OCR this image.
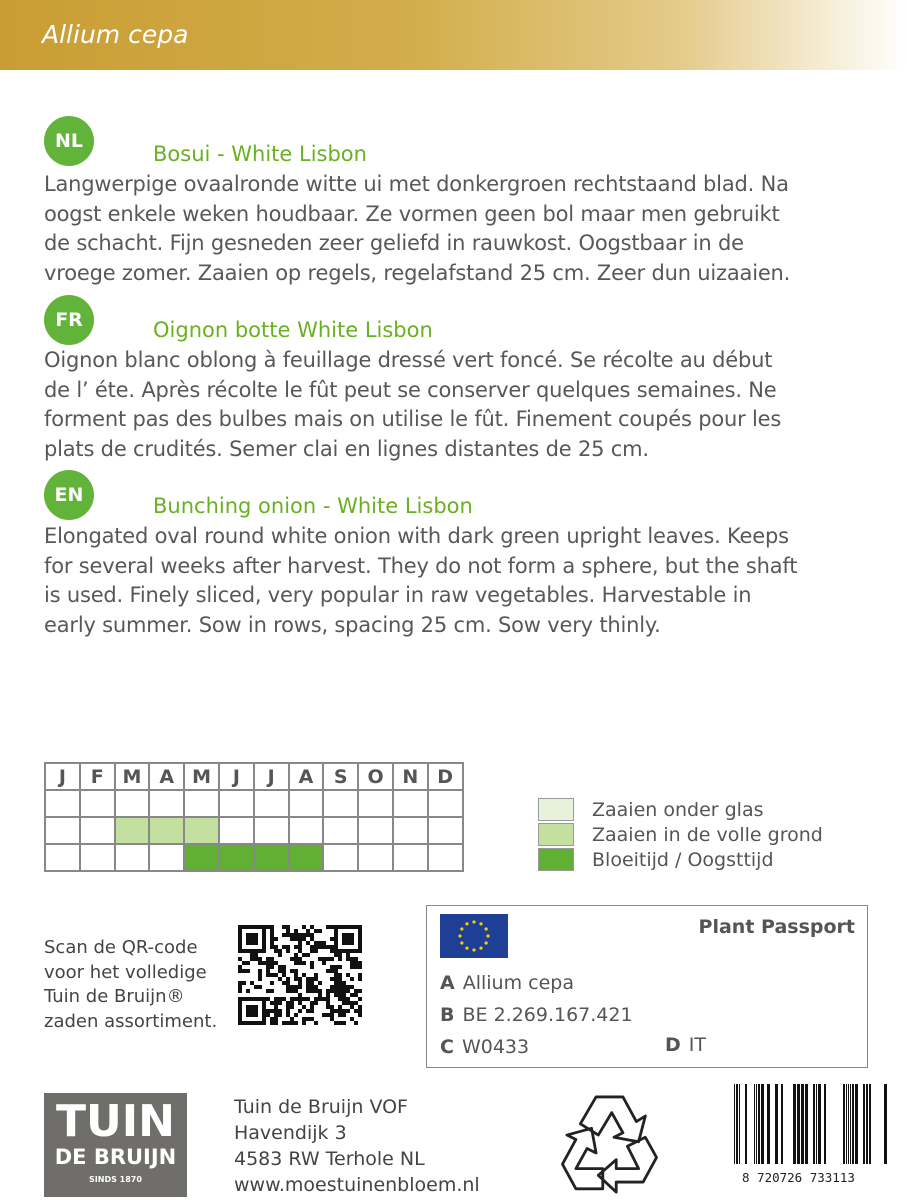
Allium cepa
NL
Bosui - White Lisbon
Langwerpige ovaalronde witte ui met donkergroen rechtstaand blad. Na
oogst enkele weken houdbaar. Ze vormen geen bol maar men gebruikt
de schacht. Fijn gesneden zeer geliefd in rauwkost. Oogstbaar in de
vroege zomer. Zaaien op regels, regelafstand 25 cm. Zeer dun uizaaien.
FR	Oignon botte White Lisbon
Oignon blanc oblong à feuillage dressé vert foncé. Se récolte au début
de l’ éte. Après récolte le fût peut se conserver quelques semaines. Ne
forment pas des bulbes mais on utilise le fût. Finement coupés pour les
plats de crudités. Semer clai en lignes distantes de 25 cm.
EN	Bunching onion - White Lisbon
Elongated oval round white onion with dark green upright leaves. Keeps
for several weeks after harvest. They do not form a sphere, but the shaft
is used. Finely sliced, very popular in raw vegetables. Harvestable in
early summer. Sow in rows, spacing 25 cm. Sow very thinly.
J	F	M	A	M	J	J	A	S	O	N	D

Zaaien onder glas
Zaaien in de volle grond
Bloeitijd / Oogsttijd
Scan de QR-code
voor het volledige
Tuin de Bruijn®
zaden assortiment.
Plant Passport
A Allium cepa
B BE 2.269.167.421
C W0433	D IT
TUIN
DE BRUIJN
SINDS 1870
Tuin de Bruijn VOF
Havendijk 3
4583 RW Terhole NL
www.moestuinenbloem.nl	8 720726 733113
